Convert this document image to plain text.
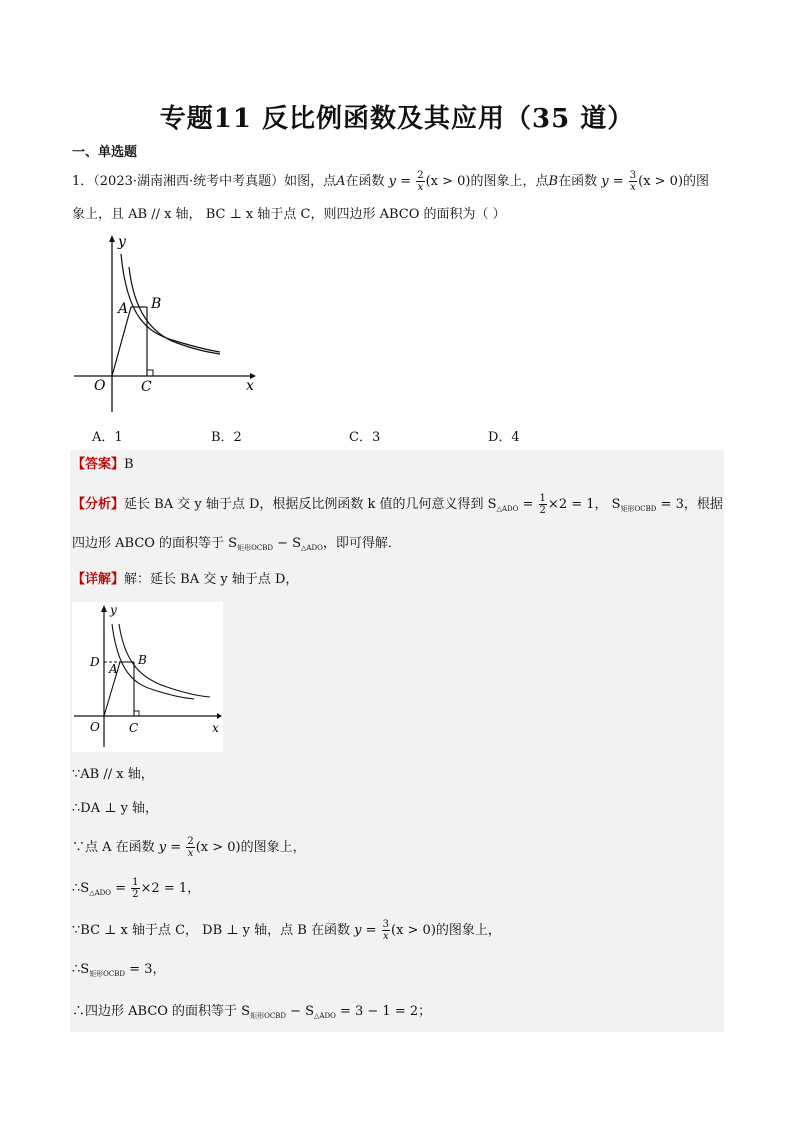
专题11 反比例函数及其应用（35 道）
一、单选题
1．（2023·湖南湘西·统考中考真题）如图，点A在函数 $y = \frac{2}{x} (x > 0)$的图象上，点B在函数 $y = \frac{3}{x} (x > 0)$的图
象上，且 AB // x 轴， BC ⊥ x 轴于点 C，则四边形 ABCO 的面积为（ ）
y
x
O
A B
C
A．1	B．2	C．3	D．4
【答案】B
【分析】延长 BA 交 y 轴于点 D，根据反比例函数 k 值的几何意义得到 $S_{\triangle ADO} = \frac{1}{2} \times 2 = 1$， $S_{矩形OCBD} = 3$，根据
四边形 ABCO 的面积等于 $S_{矩形OCBD} - S_{\triangle ADO}$，即可得解．
【详解】解：延长 BA 交 y 轴于点 D，
y
x
O
D A
B
C
∵AB // x 轴，
∴DA ⊥ y 轴，
∵点 A 在函数 $y = \frac{2}{x} (x > 0)$的图象上，
$\therefore S_{\triangle ADO} = \frac{1}{2} \times 2 = 1$，
∵BC ⊥ x 轴于点 C， DB ⊥ y 轴，点 B 在函数 $y = \frac{3}{x} (x > 0)$的图象上，
$\therefore S_{矩形OCBD} = 3$，
∴四边形 ABCO 的面积等于 $S_{矩形OCBD} - S_{\triangle ADO} = 3 - 1 = 2$；
